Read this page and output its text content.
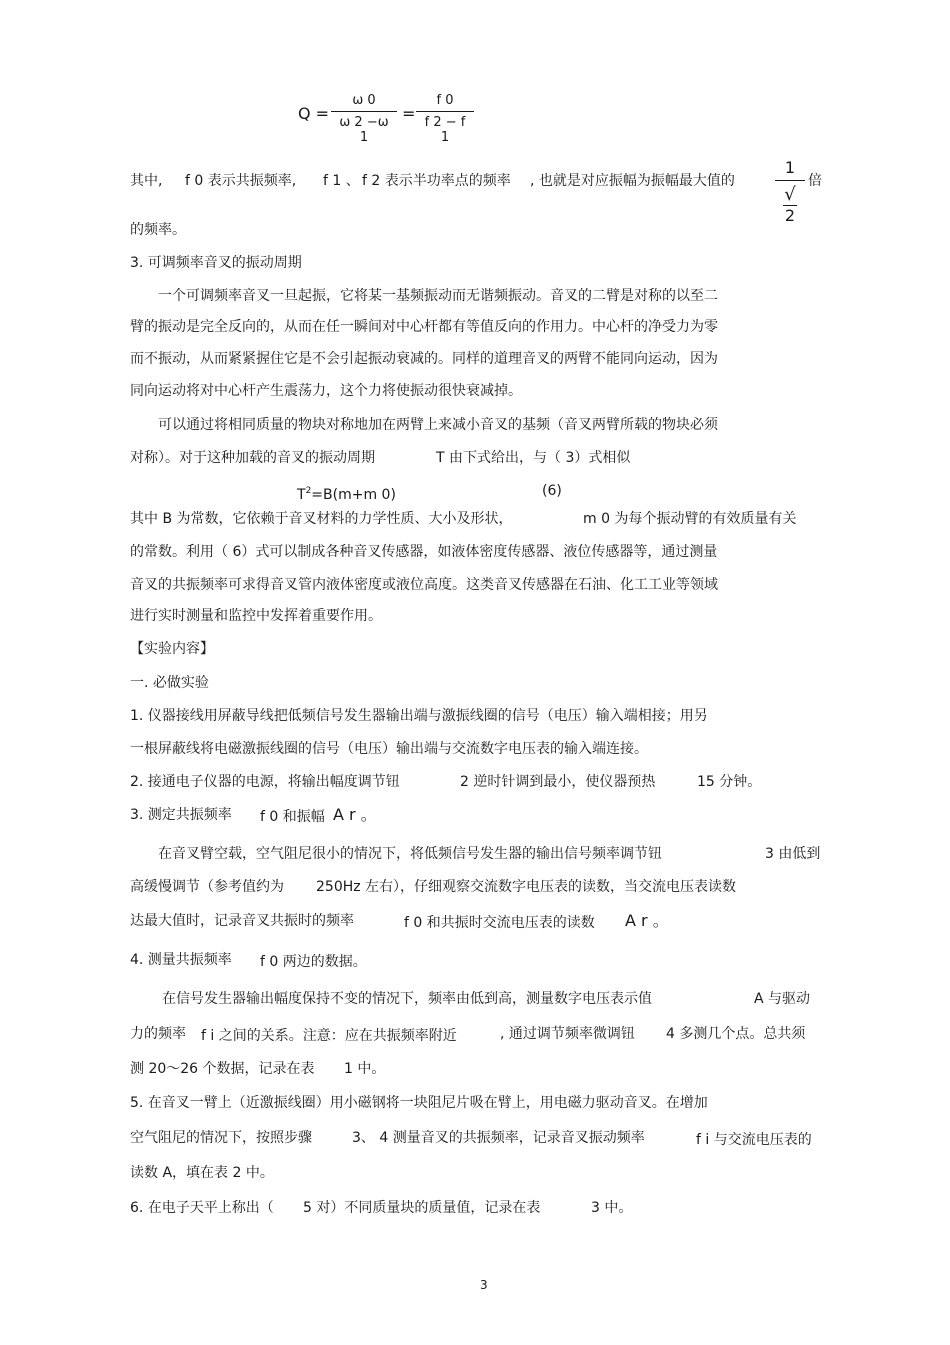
Q =
ω 0
ω 2 −ω 1
=
f 0
f 2 − f 1
其中, f 0 表示共振频率, f 1 、 f 2 表示半功率点的频率 , 也就是对应振幅为振幅最大值的
1
√2
倍
的频率。
3. 可调频率音叉的振动周期
一个可调频率音叉一旦起振，它将某一基频振动而无谐频振动。音叉的二臂是对称的以至二
臂的振动是完全反向的，从而在任一瞬间对中心杆都有等值反向的作用力。中心杆的净受力为零
而不振动，从而紧紧握住它是不会引起振动衰减的。同样的道理音叉的两臂不能同向运动，因为
同向运动将对中心杆产生震荡力，这个力将使振动很快衰减掉。
可以通过将相同质量的物块对称地加在两臂上来减小音叉的基频（音叉两臂所载的物块必须
对称）。对于这种加载的音叉的振动周期	T 由下式给出，与（ 3）式相似
$T^2=B(m+m$ 0)	(6)
其中 B 为常数，它依赖于音叉材料的力学性质、大小及形状，	m 0 为每个振动臂的有效质量有关
的常数。利用（ 6）式可以制成各种音叉传感器，如液体密度传感器、液位传感器等，通过测量
音叉的共振频率可求得音叉管内液体密度或液位高度。这类音叉传感器在石油、化工工业等领域
进行实时测量和监控中发挥着重要作用。
【实验内容】
一. 必做实验
1. 仪器接线用屏蔽导线把低频信号发生器输出端与激振线圈的信号（电压）输入端相接；用另
一根屏蔽线将电磁激振线圈的信号（电压）输出端与交流数字电压表的输入端连接。
2. 接通电子仪器的电源，将输出幅度调节钮	2 逆时针调到最小，使仪器预热	15 分钟。
3. 测定共振频率 f 0 和振幅 A r 。
在音叉臂空载，空气阻尼很小的情况下，将低频信号发生器的输出信号频率调节钮	3 由低到
高缓慢调节（参考值约为 250Hz 左右），仔细观察交流数字电压表的读数，当交流电压表读数
达最大值时，记录音叉共振时的频率	f 0 和共振时交流电压表的读数 A r 。
4. 测量共振频率 f 0 两边的数据。
在信号发生器输出幅度保持不变的情况下，频率由低到高，测量数字电压表示值	A 与驱动
力的频率 f i 之间的关系。注意：应在共振频率附近	, 通过调节频率微调钮 4 多测几个点。总共须
测 20～26 个数据，记录在表 1 中。
5. 在音叉一臂上（近激振线圈）用小磁钢将一块阻尼片吸在臂上，用电磁力驱动音叉。在增加
空气阻尼的情况下，按照步骤	3、 4 测量音叉的共振频率，记录音叉振动频率	f i 与交流电压表的
读数 A，填在表 2 中。
6. 在电子天平上称出（ 5 对）不同质量块的质量值，记录在表	3 中。
3
